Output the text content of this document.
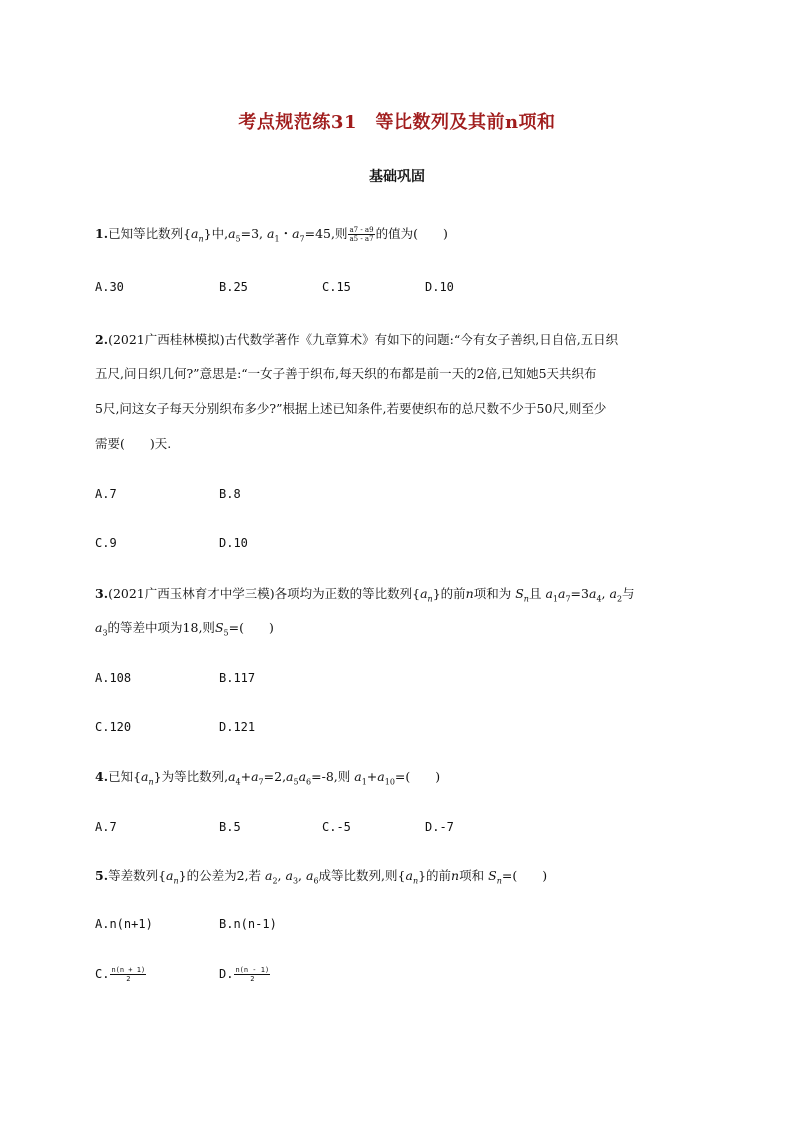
考点规范练31　等比数列及其前n项和
基础巩固
1.已知等比数列$\{a_n\}$中$,a_5=3$, $a_1$・$a_7=45$,则 $\frac{a7 - a9}{a5 - a7}$ 的值为(　　)
A.30	B.25	C.15	D.10
2.(2021广西桂林模拟)古代数学著作《九章算术》有如下的问题:“今有女子善织,日自倍,五日织
五尺,问日织几何?”意思是:“一女子善于织布,每天织的布都是前一天的2倍,已知她5天共织布
5尺,问这女子每天分别织布多少?”根据上述已知条件,若要使织布的总尺数不少于50尺,则至少
需要(　　)天.
A.7	B.8
C.9	D.10
3.(2021广西玉林育才中学三模)各项均为正数的等比数列$\{a_n\}$的前n项和为 $S_n$且 $a_1a_7=3a_4$, $a_2$与
$a_3$的等差中项为18,则$S_5=$(　　)
A.108	B.117
C.120	D.121
4.已知$\{a_n\}$为等比数列$,a_4+a_7=2,a_5a_6=-8$,则 $a_1+a_{10}=$(　　)
A.7	B.5	C.-5	D.-7
5.等差数列$\{a_n\}$的公差为2,若 $a_2$, $a_3$, $a_6$成等比数列,则$\{a_n\}$的前n项和 $S_n=$(　　)
A.n(n+1)	B.n(n-1)
C. $\frac{n(n + 1)}{2}$	D. $\frac{n(n - 1)}{2}$
